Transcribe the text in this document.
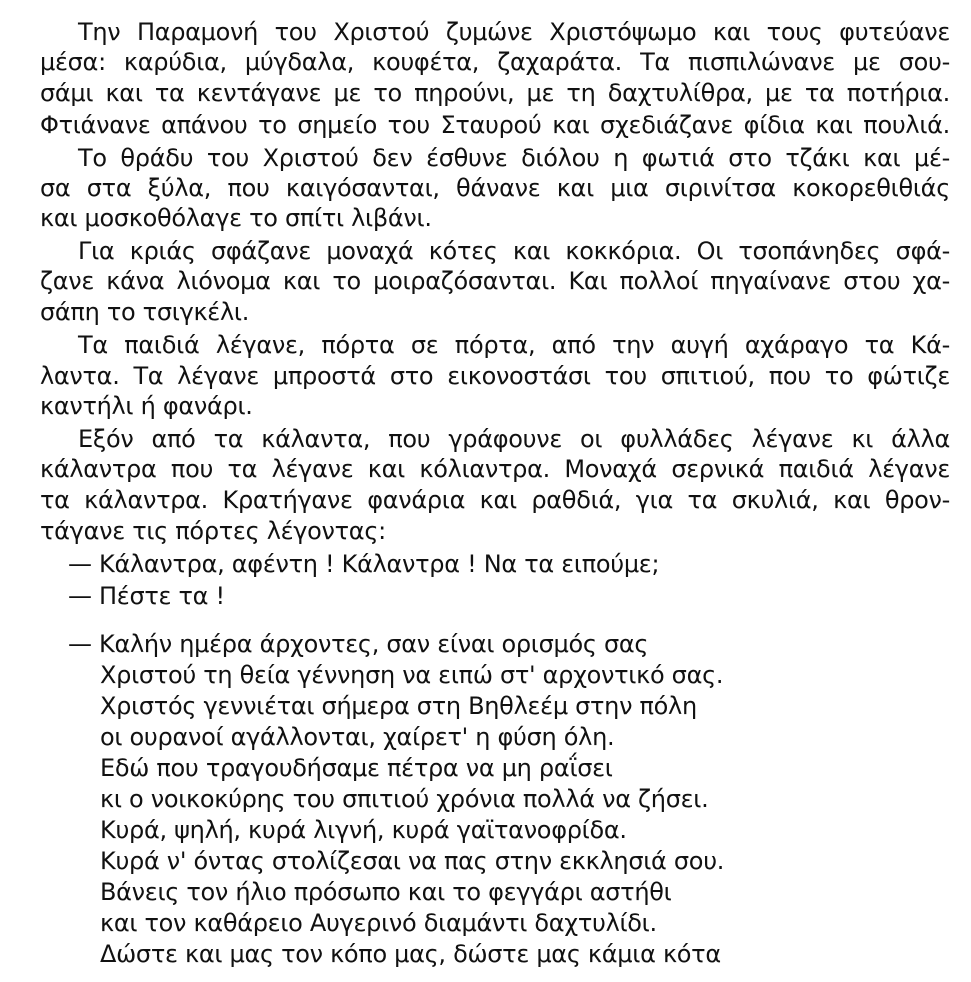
Την Παραμονή του Χριστού ζυμώνε Χριστόψωμο και τους φυτεύανε
μέσα: καρύδια, μύγδαλα, κουφέτα, ζαχαράτα. Τα πισπιλώνανε με σου-
σάμι και τα κεντάγανε με το πηρούνι, με τη δαχτυλίθρα, με τα ποτήρια.
Φτιάνανε απάνου το σημείο του Σταυρού και σχεδιάζανε φίδια και πουλιά.
Το θράδυ του Χριστού δεν έσθυνε διόλου η φωτιά στο τζάκι και μέ-
σα στα ξύλα, που καιγόσανται, θάνανε και μια σιρινίτσα κοκορεθιθιάς
και μοσκοθόλαγε το σπίτι λιβάνι.
Για κριάς σφάζανε μοναχά κότες και κοκκόρια. Οι τσοπάνηδες σφά-
ζανε κάνα λιόνομα και το μοιραζόσανται. Και πολλοί πηγαίνανε στου χα-
σάπη το τσιγκέλι.
Τα παιδιά λέγανε, πόρτα σε πόρτα, από την αυγή αχάραγο τα Κά-
λαντα. Τα λέγανε μπροστά στο εικονοστάσι του σπιτιού, που το φώτιζε
καντήλι ή φανάρι.
Εξόν από τα κάλαντα, που γράφουνε οι φυλλάδες λέγανε κι άλλα
κάλαντρα που τα λέγανε και κόλιαντρα. Μοναχά σερνικά παιδιά λέγανε
τα κάλαντρα. Κρατήγανε φανάρια και ραθδιά, για τα σκυλιά, και θρον-
τάγανε τις πόρτες λέγοντας:
— Κάλαντρα, αφέντη ! Κάλαντρα ! Να τα ειπούμε;
— Πέστε τα !
— Καλήν ημέρα άρχοντες, σαν είναι ορισμός σας
Χριστού τη θεία γέννηση να ειπώ στ' αρχοντικό σας.
Χριστός γεννιέται σήμερα στη Βηθλεέμ στην πόλη
οι ουρανοί αγάλλονται, χαίρετ' η φύση όλη.
Εδώ που τραγουδήσαμε πέτρα να μη ραΐσει
κι ο νοικοκύρης του σπιτιού χρόνια πολλά να ζήσει.
Κυρά, ψηλή, κυρά λιγνή, κυρά γαϊτανοφρίδα.
Κυρά ν' όντας στολίζεσαι να πας στην εκκλησιά σου.
Βάνεις τον ήλιο πρόσωπο και το φεγγάρι αστήθι
και τον καθάρειο Αυγερινό διαμάντι δαχτυλίδι.
Δώστε και μας τον κόπο μας, δώστε μας κάμια κότα
